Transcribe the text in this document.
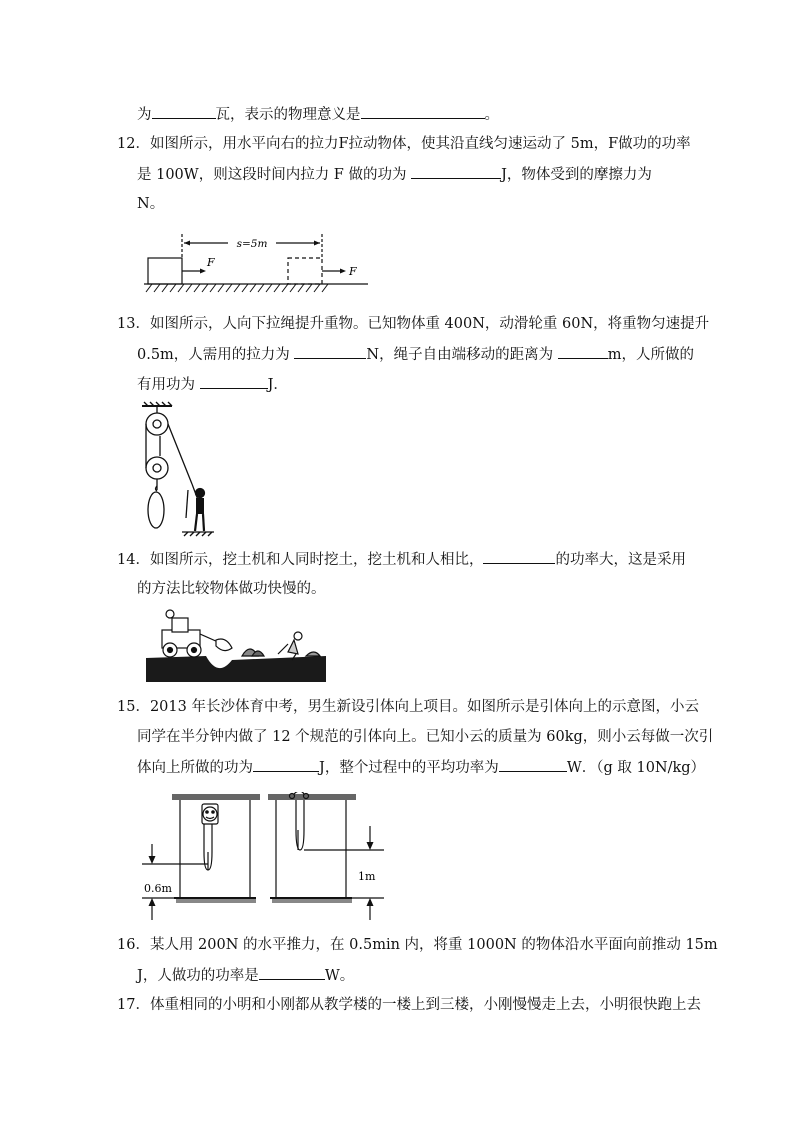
为	瓦，表示的物理意义是	。
12．如图所示，用水平向右的拉力F拉动物体，使其沿直线匀速运动了 5m，F做功的功率
是 100W，则这段时间内拉力 F 做的功为	J，物体受到的摩擦力为
N。
s=5m
F
F
13．如图所示，人向下拉绳提升重物。已知物体重 400N，动滑轮重 60N，将重物匀速提升
0.5m，人需用的拉力为	N，绳子自由端移动的距离为	m，人所做的
有用功为	J．
14．如图所示，挖土机和人同时挖土，挖土机和人相比，	的功率大，这是采用
的方法比较物体做功快慢的。
15．2013 年长沙体育中考，男生新设引体向上项目。如图所示是引体向上的示意图，小云
同学在半分钟内做了 12 个规范的引体向上。已知小云的质量为 60kg，则小云每做一次引
体向上所做的功为	J，整个过程中的平均功率为	W．（g 取 10N/kg）
0.6m
1m
16．某人用 200N 的水平推力，在 0.5min 内，将重 1000N 的物体沿水平面向前推动 15m
J，人做功的功率是	W。
17．体重相同的小明和小刚都从教学楼的一楼上到三楼，小刚慢慢走上去，小明很快跑上去
